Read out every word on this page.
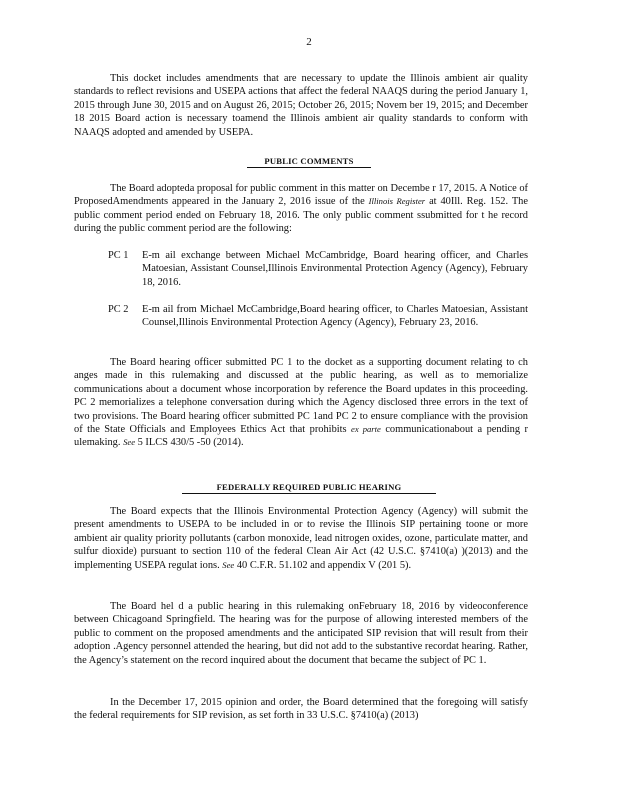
2

This docket includes amendments that are necessary to update the Illinois ambient air quality standards to reflect revisions and USEPA actions that affect the federal NAAQS during the period January 1, 2015 through June 30, 2015 and on August 26, 2015; October 26, 2015; Novem ber 19, 2015; and December 18 2015 Board action is necessary toamend the Illinois ambient air quality standards to conform with NAAQS adopted and amended by USEPA.

PUBLIC COMMENTS

The Board adopteda proposal for public comment in this matter on Decembe r 17, 2015. A Notice of ProposedAmendments appeared in the January 2, 2016 issue of the Illinois Register at 40Ill. Reg. 152. The public comment period ended on February 18, 2016. The only public comment ssubmitted for t he record during the public comment period are the following:

PC 1	E-m ail exchange between Michael McCambridge, Board hearing officer, and Charles Matoesian, Assistant Counsel,Illinois Environmental Protection Agency (Agency), February 18, 2016.
PC 2	E-m ail from Michael McCambridge,Board hearing officer, to Charles Matoesian, Assistant Counsel,Illinois Environmental Protection Agency (Agency), February 23, 2016.

The Board hearing officer submitted PC 1 to the docket as a supporting document relating to ch anges made in this rulemaking and discussed at the public hearing, as well as to memorialize communications about a document whose incorporation by reference the Board updates in this proceeding. PC 2 memorializes a telephone conversation during which the Agency disclosed three errors in the text of two provisions. The Board hearing officer submitted PC 1and PC 2 to ensure compliance with the provision of the State Officials and Employees Ethics Act that prohibits ex parte communicationabout a pending r ulemaking. See 5 ILCS 430/5 -50 (2014).

FEDERALLY REQUIRED PUBLIC HEARING

The Board expects that the Illinois Environmental Protection Agency (Agency) will submit the present amendments to USEPA to be included in or to revise the Illinois SIP pertaining toone or more ambient air quality priority pollutants (carbon monoxide, lead nitrogen oxides, ozone, particulate matter, and sulfur dioxide) pursuant to section 110 of the federal Clean Air Act (42 U.S.C. §7410(a) )(2013) and the implementing USEPA regulat ions. See 40 C.F.R. 51.102 and appendix V (201 5).

The Board hel d a public hearing in this rulemaking onFebruary 18, 2016 by videoconference between Chicagoand Springfield. The hearing was for the purpose of allowing interested members of the public to comment on the proposed amendments and the anticipated SIP revision that will result from their adoption .Agency personnel attended the hearing, but did not add to the substantive recordat hearing. Rather, the Agency’s statement on the record inquired about the document that became the subject of PC 1.

In the December 17, 2015 opinion and order, the Board determined that the foregoing will satisfy the federal requirements for SIP revision, as set forth in 33 U.S.C. §7410(a) (2013)
